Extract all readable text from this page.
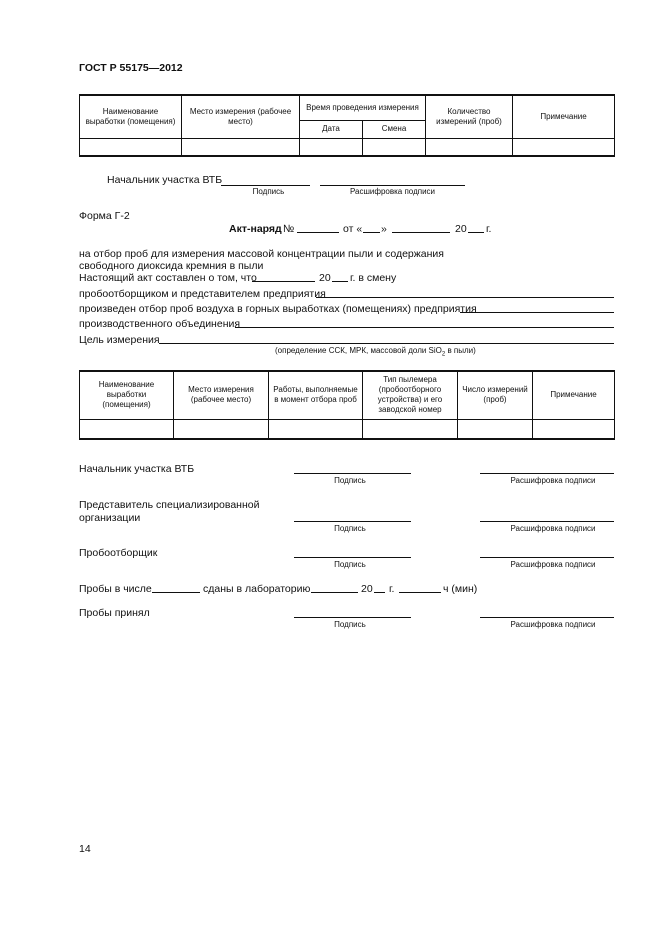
ГОСТ Р 55175—2012
Наименование выработки (помещения)	Место измерения (рабочее место)	Время проведения измерения		Количество измерений (проб)	Примечание
		Дата	Смена		

Начальник участка ВТБ
Подпись	Расшифровка подписи
Форма Г-2
Акт-наряд №	от « »	20 г.
на отбор проб для измерения массовой концентрации пыли и содержания
свободного диоксида кремния в пыли
Настоящий акт составлен о том, что	20 г. в смену
пробоотборщиком и представителем предприятия
произведен отбор проб воздуха в горных выработках (помещениях) предприятия
производственного объединения
Цель измерения
(определение ССК, МРК, массовой доли SiO$_2$ в пыли)
Наименование выработки (помещения)	Место измерения (рабочее место)	Работы, выполняемые в момент отбора проб	Тип пылемера (пробоотборного устройства) и его заводской номер	Число измерений (проб)	Примечание

Начальник участка ВТБ
Подпись	Расшифровка подписи
Представитель специализированной
организации
Подпись	Расшифровка подписи
Пробоотборщик
Подпись	Расшифровка подписи
Пробы в числе	сданы в лабораторию	20 г.	ч (мин)
Пробы принял
Подпись	Расшифровка подписи
14
